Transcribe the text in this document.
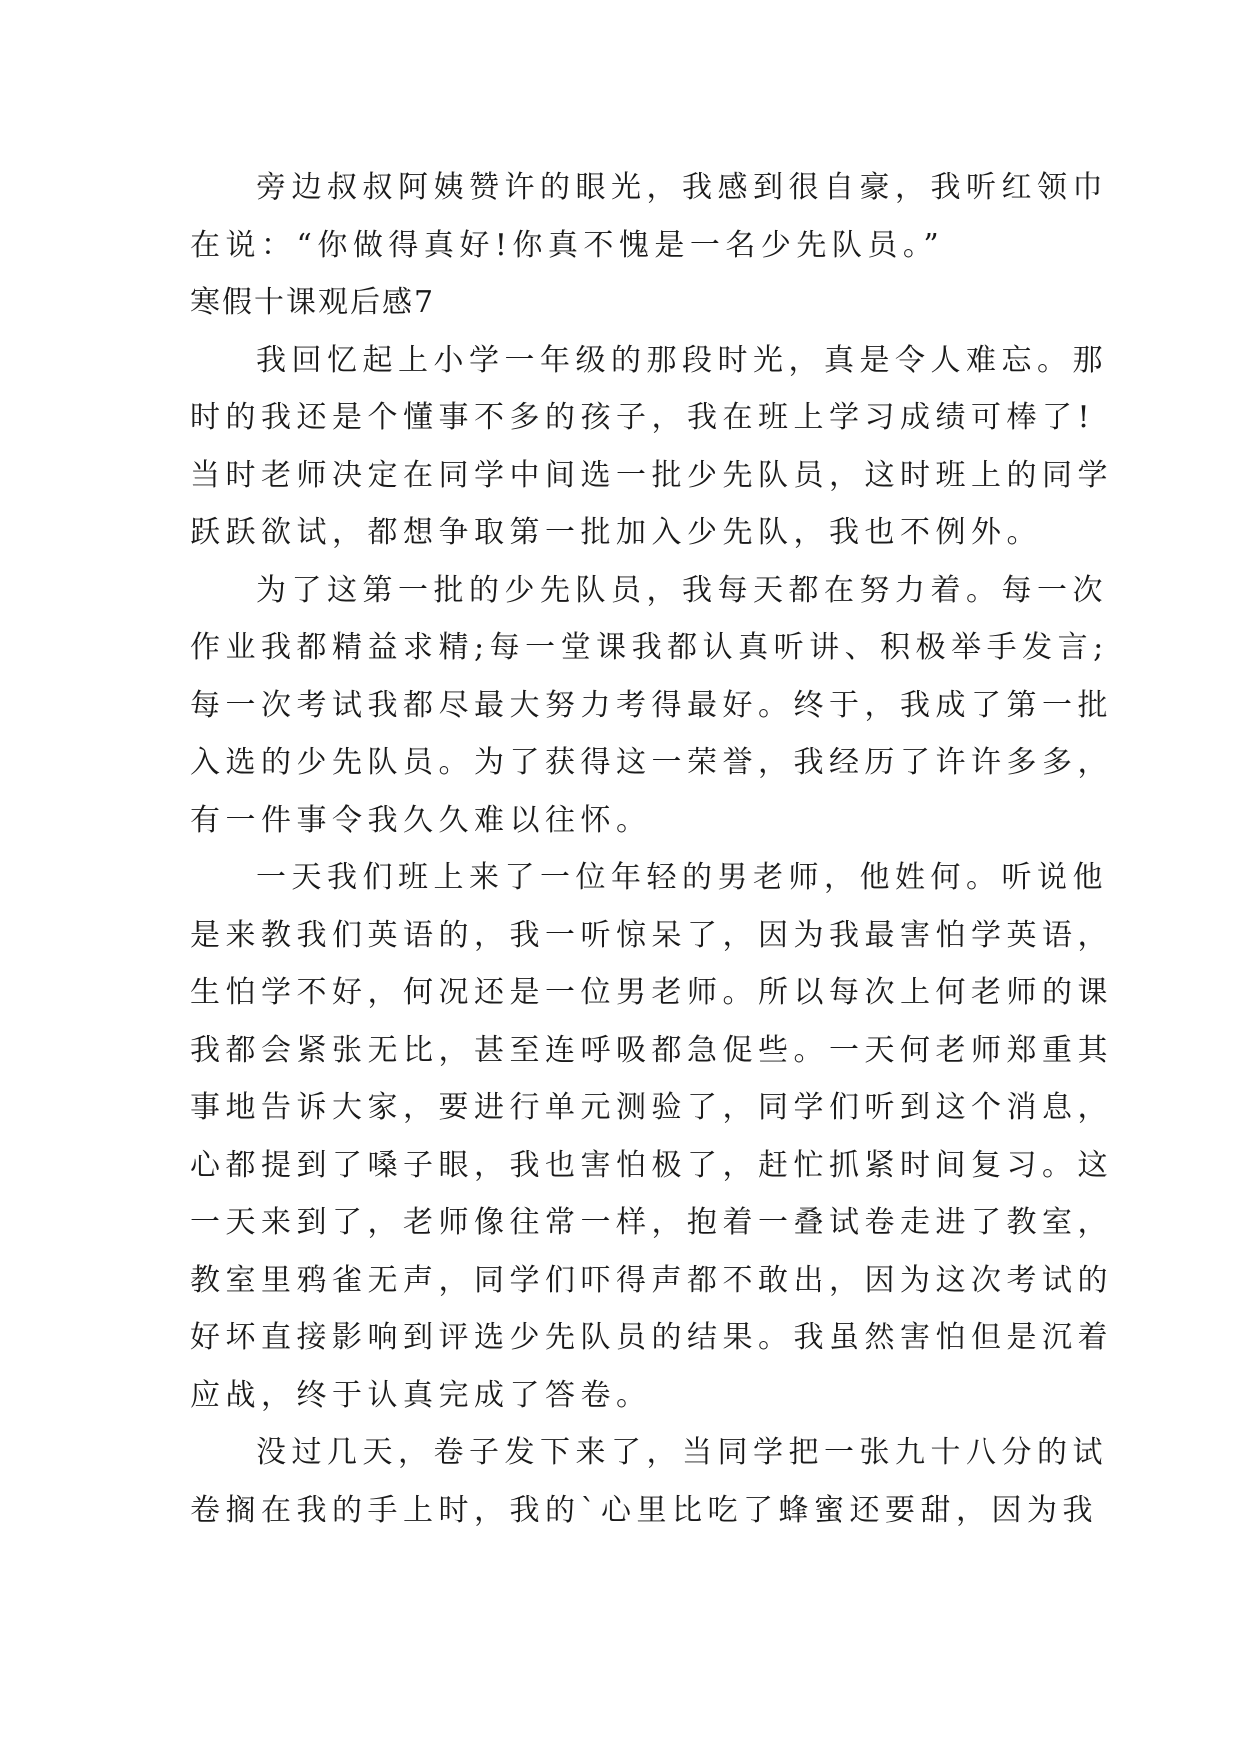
旁边叔叔阿姨赞许的眼光，我感到很自豪，我听红领巾
在说：“你做得真好!你真不愧是一名少先队员。”
寒假十课观后感7
我回忆起上小学一年级的那段时光，真是令人难忘。那
时的我还是个懂事不多的孩子，我在班上学习成绩可棒了!
当时老师决定在同学中间选一批少先队员，这时班上的同学
跃跃欲试，都想争取第一批加入少先队，我也不例外。
为了这第一批的少先队员，我每天都在努力着。每一次
作业我都精益求精;每一堂课我都认真听讲、积极举手发言;
每一次考试我都尽最大努力考得最好。终于，我成了第一批
入选的少先队员。为了获得这一荣誉，我经历了许许多多，
有一件事令我久久难以往怀。
一天我们班上来了一位年轻的男老师，他姓何。听说他
是来教我们英语的，我一听惊呆了，因为我最害怕学英语，
生怕学不好，何况还是一位男老师。所以每次上何老师的课
我都会紧张无比，甚至连呼吸都急促些。一天何老师郑重其
事地告诉大家，要进行单元测验了，同学们听到这个消息，
心都提到了嗓子眼，我也害怕极了，赶忙抓紧时间复习。这
一天来到了，老师像往常一样，抱着一叠试卷走进了教室，
教室里鸦雀无声，同学们吓得声都不敢出，因为这次考试的
好坏直接影响到评选少先队员的结果。我虽然害怕但是沉着
应战，终于认真完成了答卷。
没过几天，卷子发下来了，当同学把一张九十八分的试
卷搁在我的手上时，我的`心里比吃了蜂蜜还要甜，因为我
